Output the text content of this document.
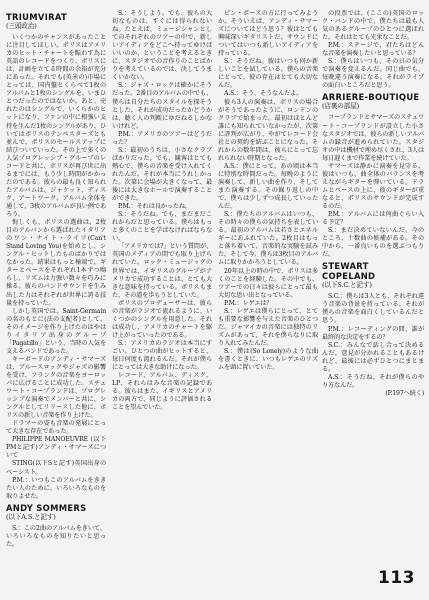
TRIUMVIRAT
(三頭政治)

いくつかのチャンスがあったことに注目してほしい。ポリスはアメリカのヒット・チャートを賑わす為に英語のレコードをつくり、ボリスには、計画を立てる時間の余裕が充分にあった。それでも(英米の)市場にとっては、国内盤とくらべて1枚のアルバムと1枚のシングルを、いまひとつだったのではないか。あと、売れたのはシングルで、いくらかのヒットになり、ファンの中に根強い支持を生んだ1枚のシングルがあり、ひいてはボリスのテンペスターズとも並んで、ポリスのセールスアップに結びついていった。その上で多くの人気プログレッシブ・グループのレコードと共に、ボリスが再び世に出るまでには、もう少し時間がかかったのである。彼らの最も良く知られたアルバムは、ジャケット、ディスク、アートワーク、アルバム全体を通して、3枚のアルバムが良い例であろう。

悔しくも、ボリスの選曲は、2枚目のアルバンから選ばれたイタリアのワン・ナイト・ライフ(Can't Stand Loving You)を始めとし、シングル・ヒットしたものばかりではなかった。結果はもっと極端で、ギターとベースをそれぞれ1本ずつ鳴らし、リズムは力強い数々を巧みに操る。彼らのバンドサウンドを生み出した力はそれぞれが世界に誇る技量を持っていた。

しかし英国では、Saint-Germainの名のもとに(法の支配者)として、そのイメージを作り上げたのはやはりイタリア出身のグループ「Pagatillo」という、当時の人気を支えるバンドであった。

キーボードのアンディ・サマーズは、ブルースロックやジャズの影響を受け、フランクの音楽をヨーロッパに広げることに成功した。スチュワート・コープランドは、プログレッシブな演奏でメンバーと共に、シングルとしてリリースした他に、ボリスの新しい音楽を作り上げた。

ドラマーの姿も音楽の発展にとって大きな存在であった。

PHILIPPE MANOEUVRE (以下PMと記す)アンディ・サマーズについて

STING(以下Sと記す)英国出身のベーシスト。

P.M.：いつもこのアルバムをききたい人のために、いろいろなものを取りよせた。

ANDY SOMMERS
(以下A.S.と記す)

S.：この2曲のアルバムをきいて、いろいろなものを知りたいと思った。

S.：そうしよう。でも、彼らの大切なものは、すぐには得られないね。たとえば、ミュージシャンとしてのそれぞれのツアーの中で、新しいアイディアをどこへ持ってゆけばいいのか、ということを考えるときに、スタジオでの音作りのことばかりを考えているのでは、決してうまくいかない。

S.：ジャズ・ロックは確かにそうだった。2番目のアルバムの中でも、僕らは自分たちのスタイルを探そうとした。それが成功だったかどうかは、聴く人の判断にゆだねるしかないけれど。

P.M.：アメリカのツアーはどうだった？

S.：最初のうちは、小さなクラブばかりだった。でも、観客はとても熱心で、僕らの音楽を受け入れてくれたんだ。それが本当にうれしかった。次第に会場が大きくなって、最後には大きなホールで演奏することができた。

P.M.：それは良かったね。

S.：そうだね。でも、まだまだこれからだと思っている。僕らはもっと多くのことを学ばなければならない。

「アメリカでは?」という質問が、英国のメディアの間でも取り上げられていた。ロック・ミュージックの世界では、イギリスのグループがアメリカで成功することは、とても大きな意味を持っている。ポリスもまた、その道を歩もうとしていた。

ボリスのプロデューサーは、彼らの音楽がラジオで流れるように、いくつかのシングルを用意した。それは成功し、アメリカのチャートを駆け上がっていったのである。

S.：アメリカのラジオは本当にすごい。ひとつの曲がヒットすると、毎日何度も流れるんだ。それが僕らにとっては大きな助けになった。

レコード、アルバム、ディスク、LP、それらはみな音楽の記録である。彼らはまた、イギリスとアメリカの両方で、同じように評価されることを望んでいた。

ピン・ポーズの方に行ってみようか。そういえば、アンディ・サマーズについてはどう思う？彼はとても興味深いギタリストだ。サウンドについてはいつも新しいアイディアを持っている。

S.：そうだね。彼はいつも何か新しいことを試している。僕らの音楽にとって、彼の存在はとても大切なんだ。

A.S.：そう、そうなんだよ。

彼ら3人の演奏は、ボリスの場合がそうであったように、ロンドンのクラブで始まった。最初はほとんど誰にも知られていなかったが、次第に評判が広がり、やがてレコード会社との契約を結ぶことになった。それからの数年間は、彼らにとって忘れられない時期となった。

A.S.：僕にとって、あの頃は本当に特別な時間だった。毎晩のように演奏して、新しい曲を作り、そしてまた演奏する。その繰り返しの中で、僕らは少しずつ成長していったんだ。

S.：僕たちのアルバムはいつも、その時々の僕らの気持ちを表している。最初のアルバムは若さとエネルギーにあふれていた。2枚目はもっと落ち着いて、音楽的な実験を試みた。そして今、僕らは3枚目のアルバムに取りかかろうとしている。

20年以上の時の中で、ポリスは多くのことを経験した。その中でも、ツアーでの日々は彼らにとって最も大切な思い出となっている。

P.M.：レゲエは？

S.：レゲエは僕らにとって、とても重要な影響を与えた音楽のひとつだ。ジャマイカの音楽には独特のリズムがあって、それを僕らなりに取り入れてみたんだ。

S.：僕は(So Lonely)のような曲を書くときに、いつもレゲエのリズムを頭に置いていた。

の投票では、(ここの)英国のロック・バンドの中で、僕たちは最も人気のあるグループのひとつに選ばれた。それはとても光栄なことだ。

P.M.：ステージで、君たちはどんな音楽を演奏したいと思っている？

S.：僕らはいつも、その日の気分で演奏を変えるんだ。同じ曲でも、毎晩違う演奏になる。それがライブの面白いところだと思う。

ARRIERE-BOUTIQUE
(店裏の部屋)

コープランドとサマーズのステュワート・コープランドが設立した小さなスタジオでは、彼らの新しいアルバムの録音が進められていた。スタジオの中は機材で埋め尽くされ、3人は毎日遅くまで作業を続けていた。

サマーズは静かに演奏を見守る。彼はいつも、曲全体のバランスを考えながらギターを弾いている。ドラムとベースの上に、彼のギターが重なると、ポリスのサウンドが完成するのだ。

P.M.：アルバムには何曲ぐらい入る予定？

S.：まだ決めていないんだ。今のところ、十数曲の候補がある。その中から、一番良いものを選ぶつもりだ。

STEWART COPELAND
(以下S.C.と記す)

S.C.：僕らは3人とも、それぞれ違う音楽の背景を持っている。それが僕らの音楽を面白くしているんだと思う。

P.M.：レコーディングの間、誰が最終的な決定をするの？

S.C.：みんなで話し合って決めるんだ。意見が分かれることもあるけれど、最後には必ずひとつにまとまる。

A.S.：そうだね。それが僕らのやり方なんだ。

(P.197へ続く)

113
